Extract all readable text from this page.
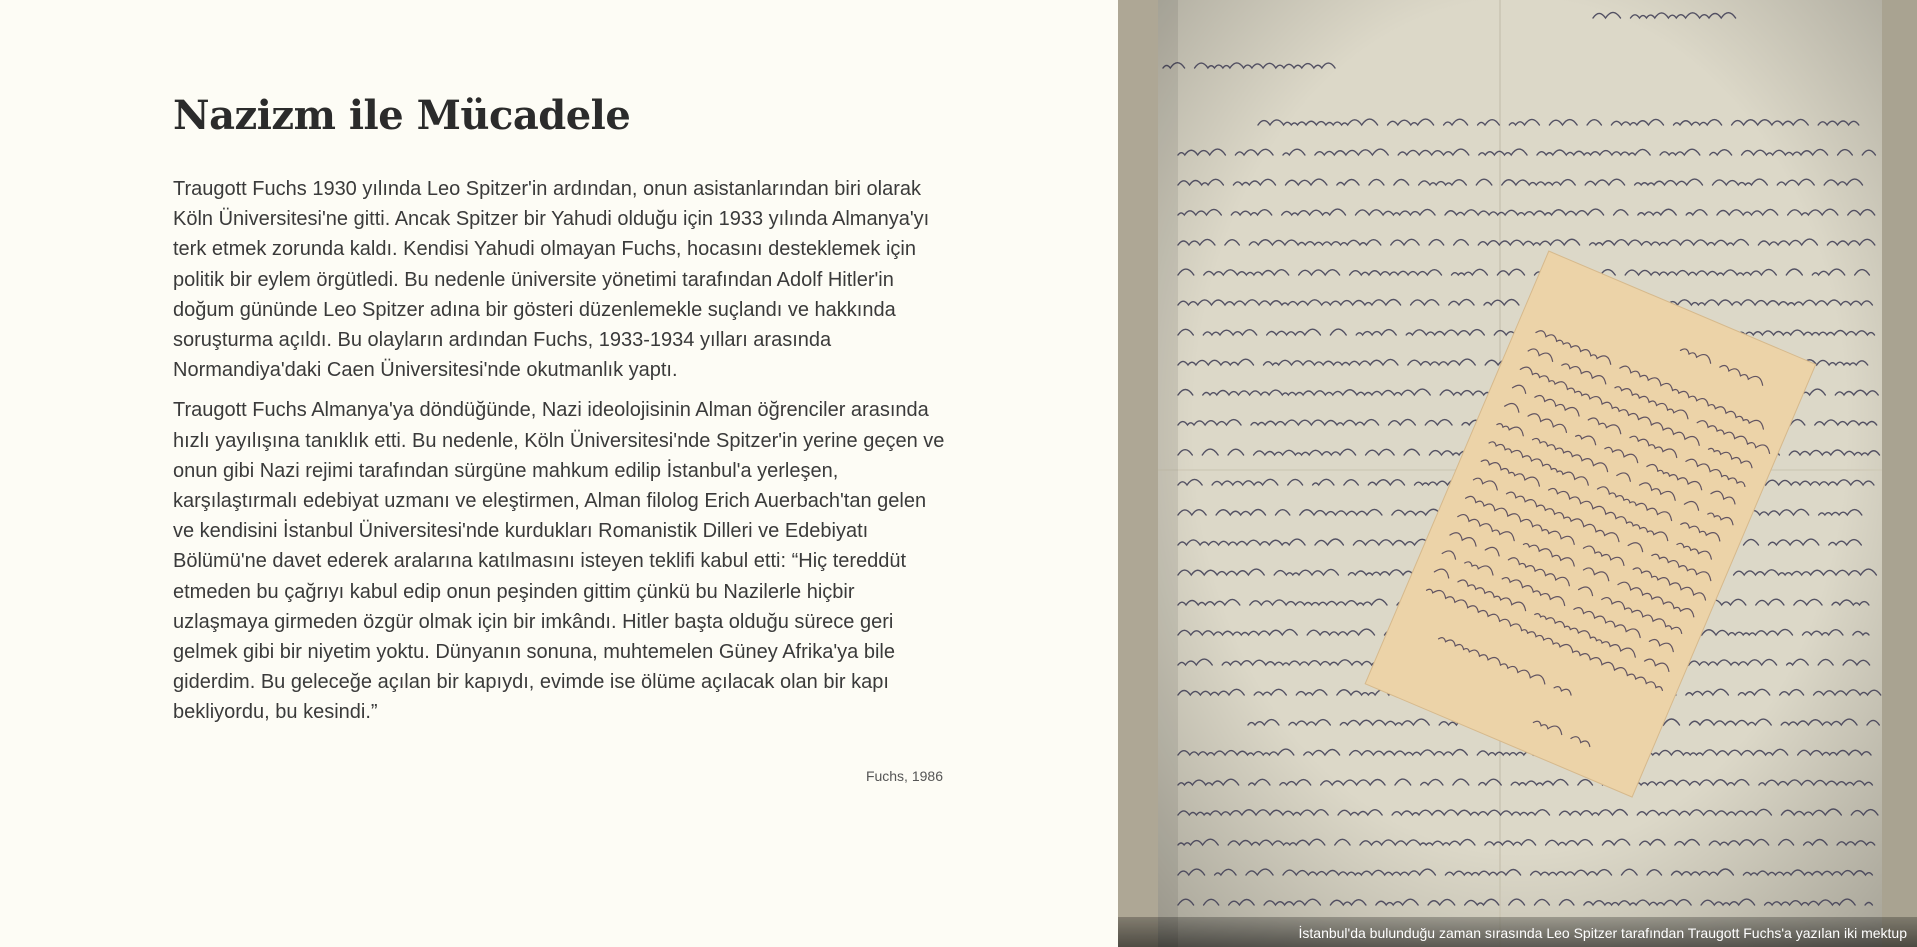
Nazizm ile Mücadele

Traugott Fuchs 1930 yılında Leo Spitzer'in ardından, onun asistanlarından biri olarak Köln Üniversitesi'ne gitti. Ancak Spitzer bir Yahudi olduğu için 1933 yılında Almanya'yı terk etmek zorunda kaldı. Kendisi Yahudi olmayan Fuchs, hocasını desteklemek için politik bir eylem örgütledi. Bu nedenle üniversite yönetimi tarafından Adolf Hitler'in doğum gününde Leo Spitzer adına bir gösteri düzenlemekle suçlandı ve hakkında soruşturma açıldı. Bu olayların ardından Fuchs, 1933-1934 yılları arasında Normandiya'daki Caen Üniversitesi'nde okutmanlık yaptı.

Traugott Fuchs Almanya'ya döndüğünde, Nazi ideolojisinin Alman öğrenciler arasında hızlı yayılışına tanıklık etti. Bu nedenle, Köln Üniversitesi'nde Spitzer'in yerine geçen ve onun gibi Nazi rejimi tarafından sürgüne mahkum edilip İstanbul'a yerleşen, karşılaştırmalı edebiyat uzmanı ve eleştirmen, Alman filolog Erich Auerbach'tan gelen ve kendisini İstanbul Üniversitesi'nde kurdukları Romanistik Dilleri ve Edebiyatı Bölümü'ne davet ederek aralarına katılmasını isteyen teklifi kabul etti: “Hiç tereddüt etmeden bu çağrıyı kabul edip onun peşinden gittim çünkü bu Nazilerle hiçbir uzlaşmaya girmeden özgür olmak için bir imkândı. Hitler başta olduğu sürece geri gelmek gibi bir niyetim yoktu. Dünyanın sonuna, muhtemelen Güney Afrika'ya bile giderdim. Bu geleceğe açılan bir kapıydı, evimde ise ölüme açılacak olan bir kapı bekliyordu, bu kesindi.”

Fuchs, 1986
İstanbul'da bulunduğu zaman sırasında Leo Spitzer tarafından Traugott Fuchs'a yazılan iki mektup
